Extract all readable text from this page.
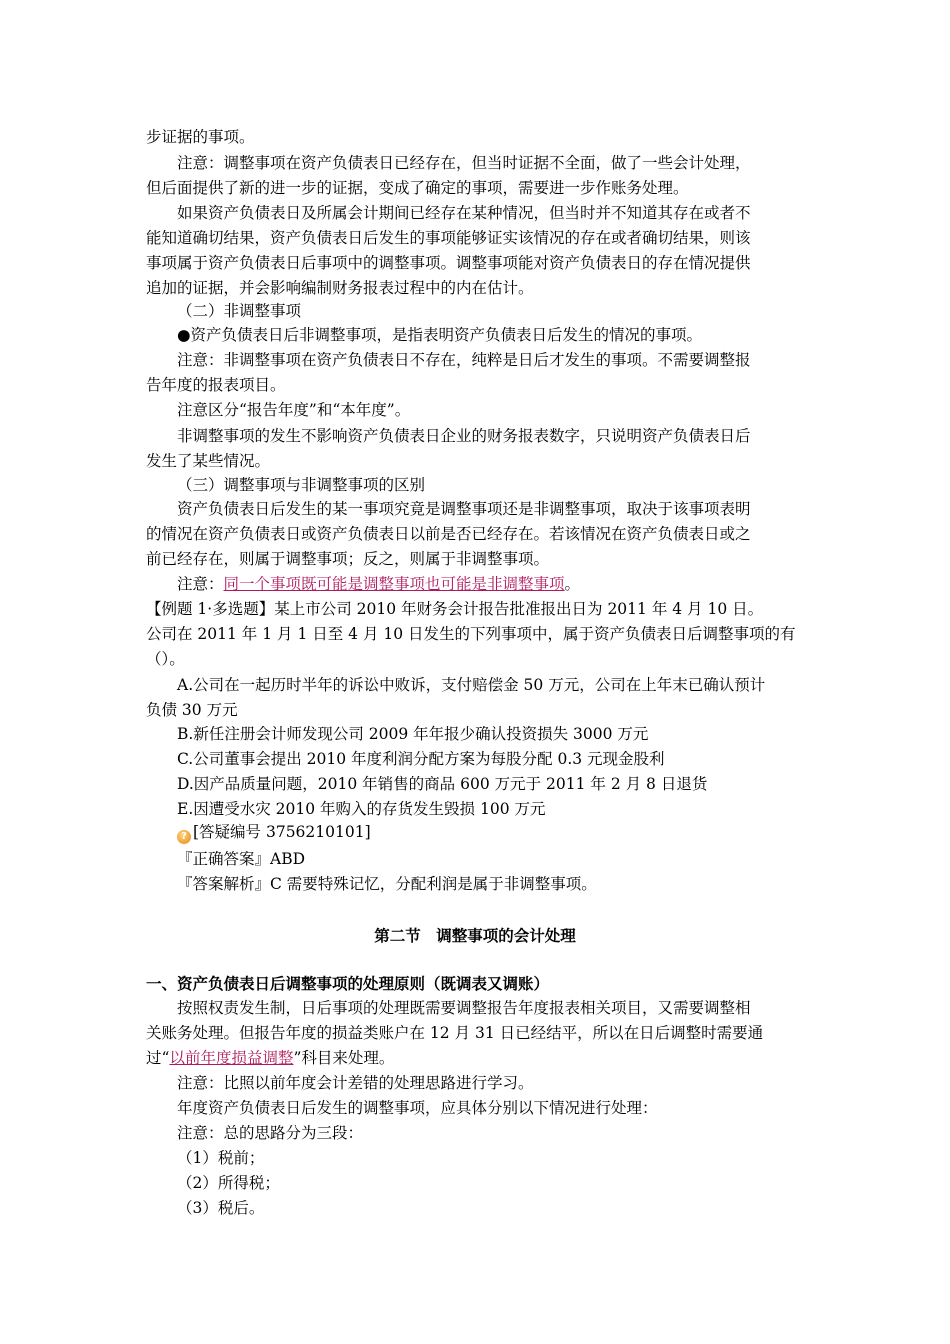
步证据的事项。
注意：调整事项在资产负债表日已经存在，但当时证据不全面，做了一些会计处理，
但后面提供了新的进一步的证据，变成了确定的事项，需要进一步作账务处理。
如果资产负债表日及所属会计期间已经存在某种情况，但当时并不知道其存在或者不
能知道确切结果，资产负债表日后发生的事项能够证实该情况的存在或者确切结果，则该
事项属于资产负债表日后事项中的调整事项。调整事项能对资产负债表日的存在情况提供
追加的证据，并会影响编制财务报表过程中的内在估计。
（二）非调整事项
●资产负债表日后非调整事项，是指表明资产负债表日后发生的情况的事项。
注意：非调整事项在资产负债表日不存在，纯粹是日后才发生的事项。不需要调整报
告年度的报表项目。
注意区分“报告年度”和“本年度”。
非调整事项的发生不影响资产负债表日企业的财务报表数字，只说明资产负债表日后
发生了某些情况。
（三）调整事项与非调整事项的区别
资产负债表日后发生的某一事项究竟是调整事项还是非调整事项，取决于该事项表明
的情况在资产负债表日或资产负债表日以前是否已经存在。若该情况在资产负债表日或之
前已经存在，则属于调整事项；反之，则属于非调整事项。
注意：同一个事项既可能是调整事项也可能是非调整事项。
【例题 1·多选题】某上市公司 2010 年财务会计报告批准报出日为 2011 年 4 月 10 日。
公司在 2011 年 1 月 1 日至 4 月 10 日发生的下列事项中，属于资产负债表日后调整事项的有
（）。
A.公司在一起历时半年的诉讼中败诉，支付赔偿金 50 万元，公司在上年末已确认预计
负债 30 万元
B.新任注册会计师发现公司 2009 年年报少确认投资损失 3000 万元
C.公司董事会提出 2010 年度利润分配方案为每股分配 0.3 元现金股利
D.因产品质量问题，2010 年销售的商品 600 万元于 2011 年 2 月 8 日退货
E.因遭受水灾 2010 年购入的存货发生毁损 100 万元
? [答疑编号 3756210101]
『正确答案』ABD
『答案解析』C 需要特殊记忆，分配利润是属于非调整事项。
第二节　调整事项的会计处理
一、资产负债表日后调整事项的处理原则（既调表又调账）
按照权责发生制，日后事项的处理既需要调整报告年度报表相关项目，又需要调整相
关账务处理。但报告年度的损益类账户在 12 月 31 日已经结平，所以在日后调整时需要通
过“以前年度损益调整”科目来处理。
注意：比照以前年度会计差错的处理思路进行学习。
年度资产负债表日后发生的调整事项，应具体分别以下情况进行处理：
注意：总的思路分为三段：
（1）税前；
（2）所得税；
（3）税后。
